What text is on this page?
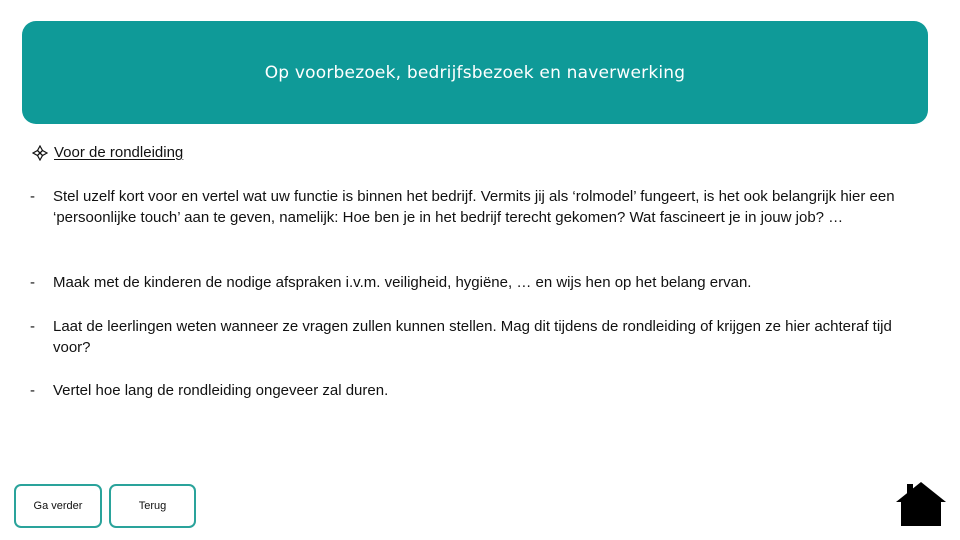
Op voorbezoek, bedrijfsbezoek en naverwerking
Voor de rondleiding
-	Stel uzelf kort voor en vertel wat uw functie is binnen het bedrijf. Vermits jij als ‘rolmodel’ fungeert, is het ook belangrijk hier een ‘persoonlijke touch’ aan te geven, namelijk: Hoe ben je in het bedrijf terecht gekomen? Wat fascineert je in jouw job? …
-	Maak met de kinderen de nodige afspraken i.v.m. veiligheid, hygiëne, … en wijs hen op het belang ervan.
-	Laat de leerlingen weten wanneer ze vragen zullen kunnen stellen. Mag dit tijdens de rondleiding of krijgen ze hier achteraf tijd voor?
-	Vertel hoe lang de rondleiding ongeveer zal duren.
Ga verder	Terug
